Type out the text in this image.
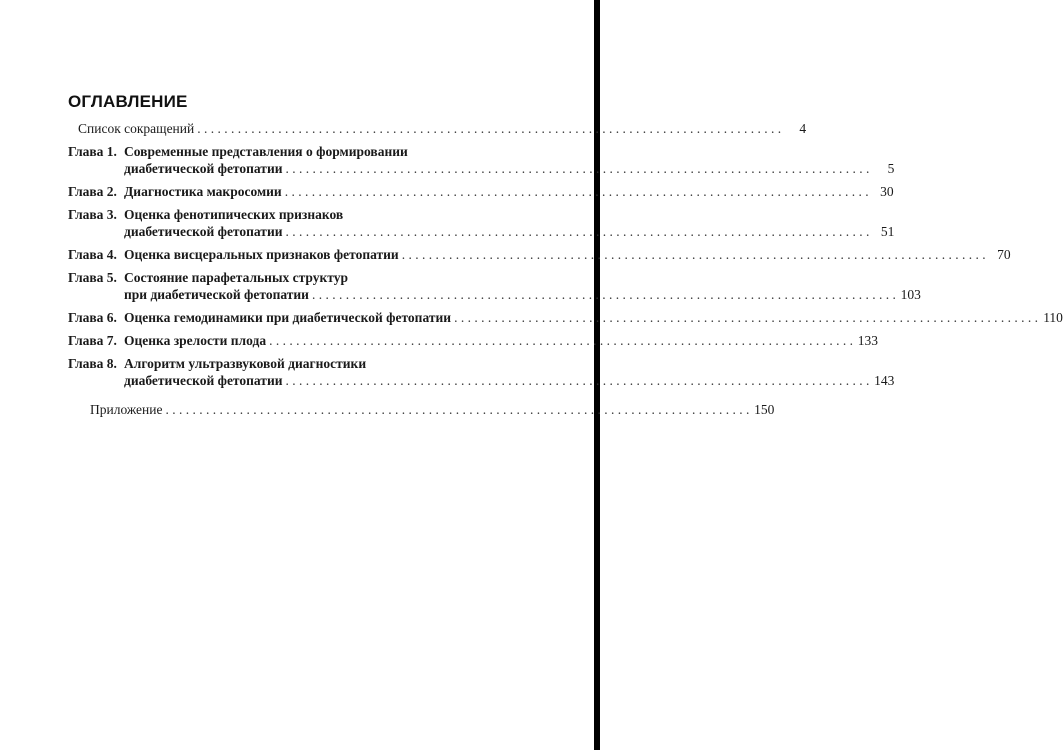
ОГЛАВЛЕНИЕ
Список сокращений . . .	4
Глава 1. Современные представления о формировании
диабетической фетопатии . . .	5
Глава 2. Диагностика макросомии . . .	30
Глава 3. Оценка фенотипических признаков
диабетической фетопатии . . .	51
Глава 4. Оценка висцеральных признаков фетопатии . . .	70
Глава 5. Состояние парафетальных структур
при диабетической фетопатии . . .	103
Глава 6. Оценка гемодинамики при диабетической фетопатии . . .	110
Глава 7. Оценка зрелости плода . . .	133
Глава 8. Алгоритм ультразвуковой диагностики
диабетической фетопатии . . .	143
Приложение . . .	150
